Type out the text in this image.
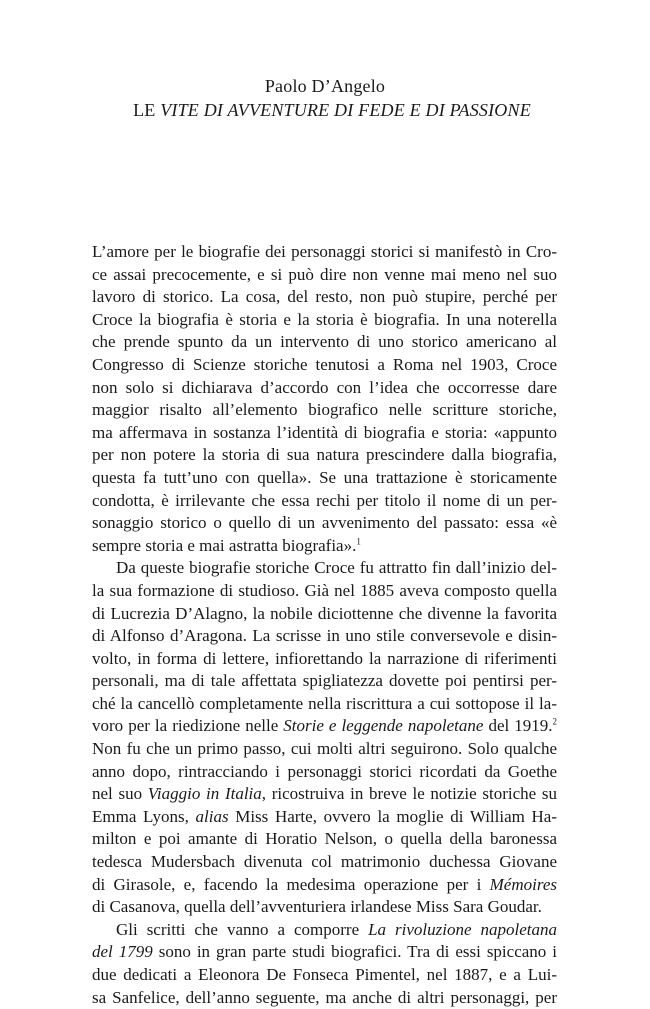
Paolo D’Angelo
LE VITE DI AVVENTURE DI FEDE E DI PASSIONE
L’amore per le biografie dei personaggi storici si manifestò in Cro-
ce assai precocemente, e si può dire non venne mai meno nel suo
lavoro di storico. La cosa, del resto, non può stupire, perché per
Croce la biografia è storia e la storia è biografia. In una noterella
che prende spunto da un intervento di uno storico americano al
Congresso di Scienze storiche tenutosi a Roma nel 1903, Croce
non solo si dichiarava d’accordo con l’idea che occorresse dare
maggior risalto all’elemento biografico nelle scritture storiche,
ma affermava in sostanza l’identità di biografia e storia: «appunto
per non potere la storia di sua natura prescindere dalla biografia,
questa fa tutt’uno con quella». Se una trattazione è storicamente
condotta, è irrilevante che essa rechi per titolo il nome di un per-
sonaggio storico o quello di un avvenimento del passato: essa «è
sempre storia e mai astratta biografia».$^1$
Da queste biografie storiche Croce fu attratto fin dall’inizio del-
la sua formazione di studioso. Già nel 1885 aveva composto quella
di Lucrezia D’Alagno, la nobile diciottenne che divenne la favorita
di Alfonso d’Aragona. La scrisse in uno stile conversevole e disin-
volto, in forma di lettere, infiorettando la narrazione di riferimenti
personali, ma di tale affettata spigliatezza dovette poi pentirsi per-
ché la cancellò completamente nella riscrittura a cui sottopose il la-
voro per la riedizione nelle Storie e leggende napoletane del 1919.$^2$
Non fu che un primo passo, cui molti altri seguirono. Solo qualche
anno dopo, rintracciando i personaggi storici ricordati da Goethe
nel suo Viaggio in Italia, ricostruiva in breve le notizie storiche su
Emma Lyons, alias Miss Harte, ovvero la moglie di William Ha-
milton e poi amante di Horatio Nelson, o quella della baronessa
tedesca Mudersbach divenuta col matrimonio duchessa Giovane
di Girasole, e, facendo la medesima operazione per i Mémoires
di Casanova, quella dell’avventuriera irlandese Miss Sara Goudar.
Gli scritti che vanno a comporre La rivoluzione napoletana
del 1799 sono in gran parte studi biografici. Tra di essi spiccano i
due dedicati a Eleonora De Fonseca Pimentel, nel 1887, e a Lui-
sa Sanfelice, dell’anno seguente, ma anche di altri personaggi, per
